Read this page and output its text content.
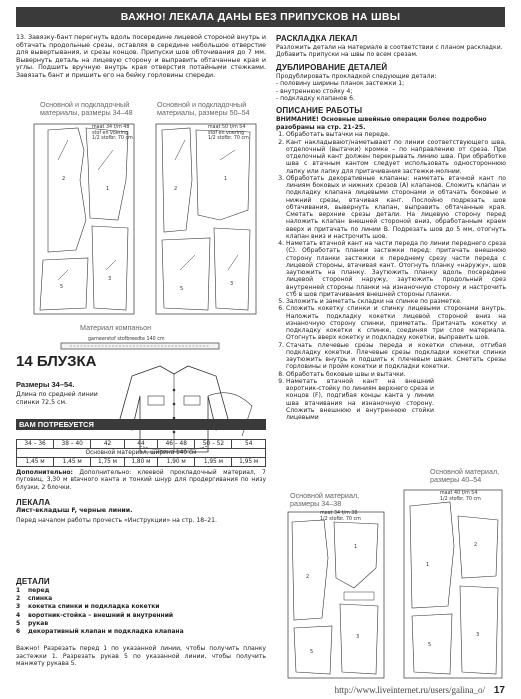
ВАЖНО! ЛЕКАЛА ДАНЫ БЕЗ ПРИПУСКОВ НА ШВЫ
13. Завязку-бант перегнуть вдоль посередине лицевой стороной внутрь и обтачать продольные срезы, оставляя в середине небольшое отверстие для вывертывания, и срезы концов. Припуски шов обточивания до 7 мм. Вывернуть деталь на лицевую сторону и выправить обтачанные края и углы. Подшить вручную внутрь края отверстия потайными стежками. Завязать бант и пришить его на бейку горловины спереди.
Основной и подкладочный материалы, размеры 34–48
Основной и подкладочный материалы, размеры 50–54
2
1
5
3
maat 34 t/m 48
stof en voering
1/2 stofbr. 70 cm
2
1
5
3
maat 50 t/m 54
stof en voering
1/2 stofbr. 70 cm
Материал компаньон
garneerstof stofbreedte 140 cm
14 БЛУЗКА
Размеры 34–54.
Длина по средней линии спинки 72,5 см.
ВАМ ПОТРЕБУЕТСЯ
34 – 36	38 – 40	42	44	46 – 48	50 – 52	54
Основной материал, ширина 140 см						
1,45 м	1,45 м	1,75 м	1,80 м	1,90 м	1,95 м	1,95 м
Дополнительно: Дополнительно: клеевой прокладочный материал, 7 пуговиц, 3,30 м вtачного канта и тонкий шнур для продергивания по низу блузки, 2 блочки.
ЛЕКАЛА
Лист-вкладыш F, черные линии.
Перед началом работы прочесть «Инструкции» на стр. 18–21.
ДЕТАЛИ
1 перед
2 спинка
3 кокетка спинки и подкладка кокетки
4 воротник-стойка – внешний и внутренний
5 рукав
6 декоративный клапан и подкладка клапана
Важно! Разрезать перед 1 по указанной линии, чтобы получить планку застежки 1. Разрезать рукав 5 по указанной линии, чтобы получить манжету рукава 5.
РАСКЛАДКА ЛЕКАЛ
Разложить детали на материале в соответствии с планом раскладки. Добавить припуски на швы по всем срезам.
ДУБЛИРОВАНИЕ ДЕТАЛЕЙ
Продублировать прокладкой следующие детали:
- половину ширины планок застежки 1;
- внутреннюю стойку 4;
- подкладку клапанов 6.
ОПИСАНИЕ РАБОТЫ
ВНИМАНИЕ! Основные швейные операции более подробно разобраны на стр. 21–25.
1. Обработать вытачки на переде.
2. Кант накладывают/наметывают по линии соответствующего шва, отделочный (вытачки) кромке – по направлению от среза. При отделочный кант должен перекрывать линию шва. При обработке шва с втачным кантом следует использовать одностороннюю лапку или лапку для притачивания застежки-молнии.
3. Обработать декоративные клапаны: наметать втачной кант по линиям боковых и нижних срезов (А) клапанов. Сложить клапан и подкладку клапана лицевыми сторонами и обтачать боковые и нижний срезы, втачивая кант. Послойно подрезать шов обтачивания, вывернуть клапан, выправить обтачанные края. Сметать верхние срезы детали. На лицевую сторону перед наложить клапан внешней стороной вниз, обработанным краем вверх и притачать по линии В. Подрезать шов до 5 мм, отогнуть клапан вниз и настрочить шов.
4. Наметать втачной кант на части переда по линии переднего среза (С). Обработать планки застежки перед: притачать внешнюю сторону планки застежки к переднему срезу части переда с лицевой стороны, втачивая кант. Отогнуть планку «наружу», шов заутюжить на планку. Заутюжить планку вдоль посередине лицевой стороной наружу, заутюжить продольный срез внутренней стороны планки на изнаночную сторону и настрочить стб в шов притачивания внешней стороны планки.
5. Заложить и заметать складки на спинке по разметке.
6. Сложить кокетку спинки и спинку лицевыми сторонами внутрь. Наложить подкладку кокетки лицевой стороной вниз на изнаночную сторону спинки, приметать. Притачать кокетку и подкладку кокетки к спинке, соединяя три слоя материала. Отогнуть вверх кокетку и подкладку кокетки, выправить шов.
7. Стачать плечевые срезы переда и кокетки спинки, отгибая подкладку кокетки. Плечевые срезы подкладки кокетки спинки заутюжить внутрь и подшить к плечевым швам. Сметать срезы горловины и пройм кокетки и подкладки кокетки.
8. Обработать боковые швы и вытачки.
9. Наметать втачной кант на внешний воротник-стойку по линиям верхнего среза и концов (F), подгибая концы канта у линии шва втачивания на изнаночную сторону. Сложить внешнюю и внутреннюю стойки лицевыми
Основной материал, размеры 34–38
Основной материал, размеры 40–54
2
1
5
3
maat 34 t/m 38
1/2 stofbr. 70 cm
1
2
5
3
maat 40 t/m 54
1/2 stofbr. 70 cm
http://www.liveinternet.ru/users/galina_o/ 17
